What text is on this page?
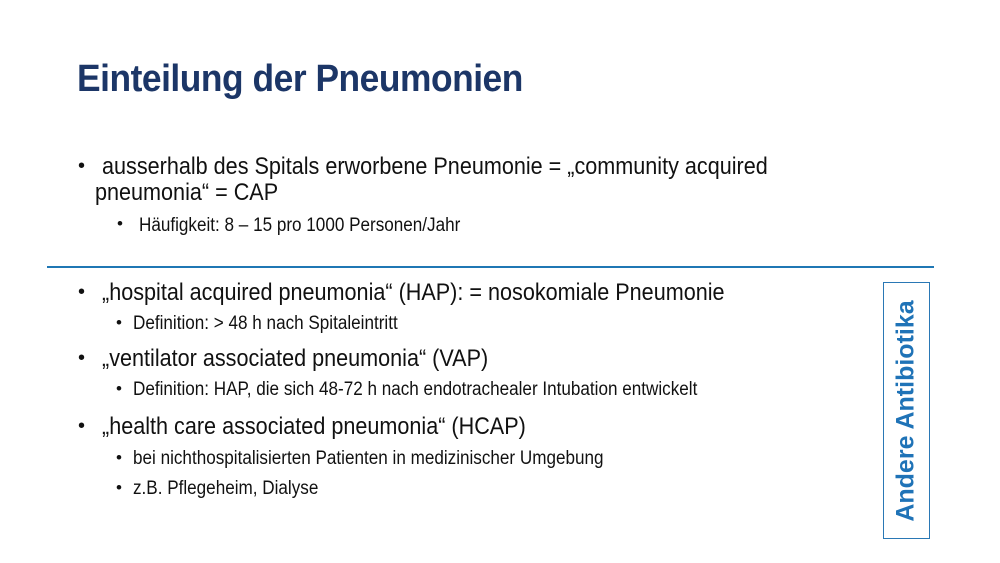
Einteilung der Pneumonien
• ausserhalb des Spitals erworbene Pneumonie = „community acquired
pneumonia“ = CAP
• Häufigkeit: 8 – 15 pro 1000 Personen/Jahr
• „hospital acquired pneumonia“ (HAP): = nosokomiale Pneumonie
• Definition: > 48 h nach Spitaleintritt
• „ventilator associated pneumonia“ (VAP)
• Definition: HAP, die sich 48-72 h nach endotrachealer Intubation entwickelt
• „health care associated pneumonia“ (HCAP)
• bei nichthospitalisierten Patienten in medizinischer Umgebung
• z.B. Pflegeheim, Dialyse	Andere Antibiotika
